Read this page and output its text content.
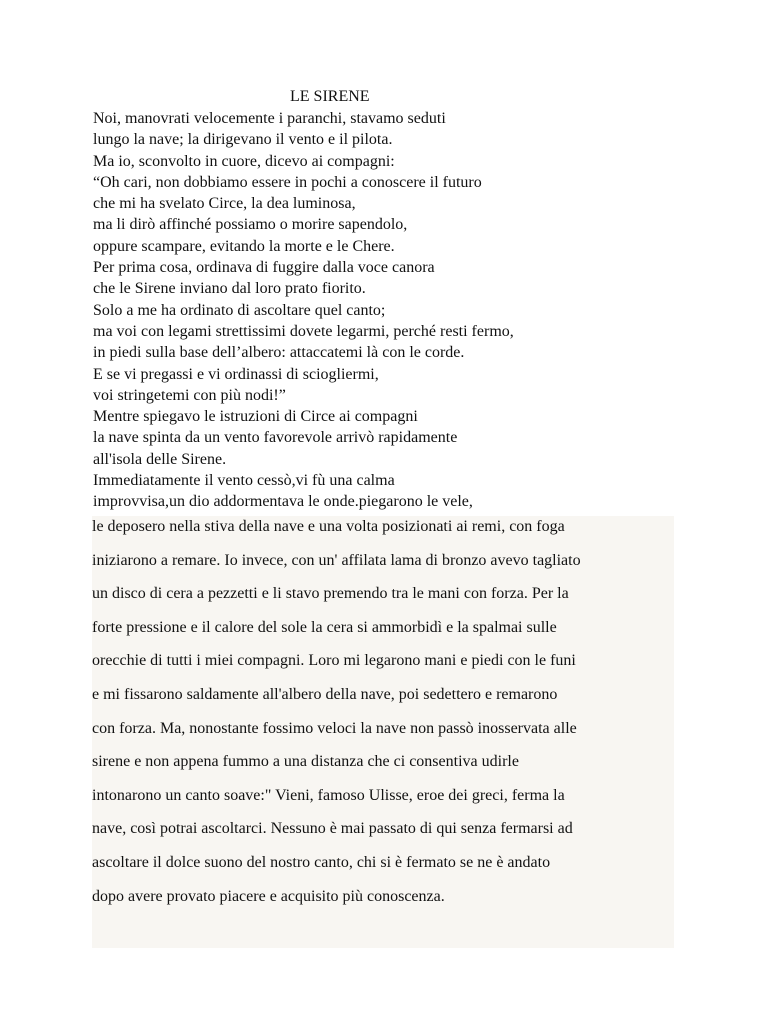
LE SIRENE
Noi, manovrati velocemente i paranchi, stavamo seduti
lungo la nave; la dirigevano il vento e il pilota.
Ma io, sconvolto in cuore, dicevo ai compagni:
“Oh cari, non dobbiamo essere in pochi a conoscere il futuro
che mi ha svelato Circe, la dea luminosa,
ma li dirò affinché possiamo o morire sapendolo,
oppure scampare, evitando la morte e le Chere.
Per prima cosa, ordinava di fuggire dalla voce canora
che le Sirene inviano dal loro prato fiorito.
Solo a me ha ordinato di ascoltare quel canto;
ma voi con legami strettissimi dovete legarmi, perché resti fermo,
in piedi sulla base dell’albero: attaccatemi là con le corde.
E se vi pregassi e vi ordinassi di sciogliermi,
voi stringetemi con più nodi!”
Mentre spiegavo le istruzioni di Circe ai compagni
la nave spinta da un vento favorevole arrivò rapidamente
all'isola delle Sirene.
Immediatamente il vento cessò,vi fù una calma
improvvisa,un dio addormentava le onde.piegarono le vele,
le deposero nella stiva della nave e una volta posizionati ai remi, con foga
iniziarono a remare. Io invece, con un' affilata lama di bronzo avevo tagliato
un disco di cera a pezzetti e li stavo premendo tra le mani con forza. Per la
forte pressione e il calore del sole la cera si ammorbidì e la spalmai sulle
orecchie di tutti i miei compagni. Loro mi legarono mani e piedi con le funi
e mi fissarono saldamente all'albero della nave, poi sedettero e remarono
con forza. Ma, nonostante fossimo veloci la nave non passò inosservata alle
sirene e non appena fummo a una distanza che ci consentiva udirle
intonarono un canto soave:" Vieni, famoso Ulisse, eroe dei greci, ferma la
nave, così potrai ascoltarci. Nessuno è mai passato di qui senza fermarsi ad
ascoltare il dolce suono del nostro canto, chi si è fermato se ne è andato
dopo avere provato piacere e acquisito più conoscenza.
